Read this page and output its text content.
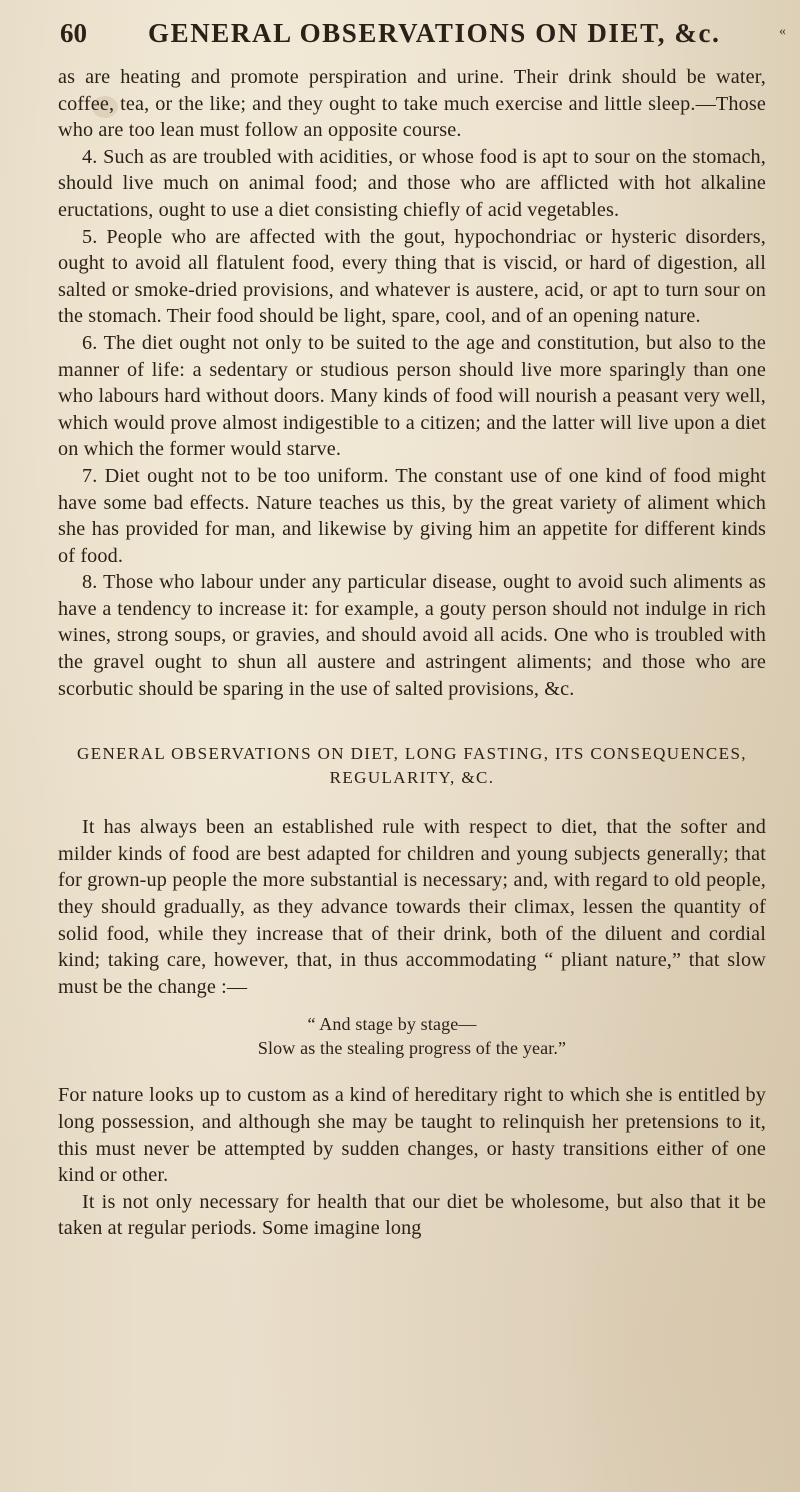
«
60 GENERAL OBSERVATIONS ON DIET, &c.

as are heating and promote perspiration and urine. Their drink should be water, coffee, tea, or the like; and they ought to take much exercise and little sleep.—Those who are too lean must follow an opposite course.

4. Such as are troubled with acidities, or whose food is apt to sour on the stomach, should live much on animal food; and those who are afflicted with hot alkaline eructations, ought to use a diet consisting chiefly of acid vegetables.

5. People who are affected with the gout, hypochondriac or hysteric disorders, ought to avoid all flatulent food, every thing that is viscid, or hard of digestion, all salted or smoke-dried provisions, and whatever is austere, acid, or apt to turn sour on the stomach. Their food should be light, spare, cool, and of an opening nature.

6. The diet ought not only to be suited to the age and constitution, but also to the manner of life: a sedentary or studious person should live more sparingly than one who labours hard without doors. Many kinds of food will nourish a peasant very well, which would prove almost indigestible to a citizen; and the latter will live upon a diet on which the former would starve.

7. Diet ought not to be too uniform. The constant use of one kind of food might have some bad effects. Nature teaches us this, by the great variety of aliment which she has provided for man, and likewise by giving him an appetite for different kinds of food.

8. Those who labour under any particular disease, ought to avoid such aliments as have a tendency to increase it: for example, a gouty person should not indulge in rich wines, strong soups, or gravies, and should avoid all acids. One who is troubled with the gravel ought to shun all austere and astringent aliments; and those who are scorbutic should be sparing in the use of salted provisions, &c.

GENERAL OBSERVATIONS ON DIET, LONG FASTING, ITS CONSEQUENCES,
REGULARITY, &C.

It has always been an established rule with respect to diet, that the softer and milder kinds of food are best adapted for children and young subjects generally; that for grown-up people the more substantial is necessary; and, with regard to old people, they should gradually, as they advance towards their climax, lessen the quantity of solid food, while they increase that of their drink, both of the diluent and cordial kind; taking care, however, that, in thus accommodating “ pliant nature,” that slow must be the change :—

“ And stage by stage—
Slow as the stealing progress of the year.”

For nature looks up to custom as a kind of hereditary right to which she is entitled by long possession, and although she may be taught to relinquish her pretensions to it, this must never be attempted by sudden changes, or hasty transitions either of one kind or other.

It is not only necessary for health that our diet be wholesome, but also that it be taken at regular periods. Some imagine long
